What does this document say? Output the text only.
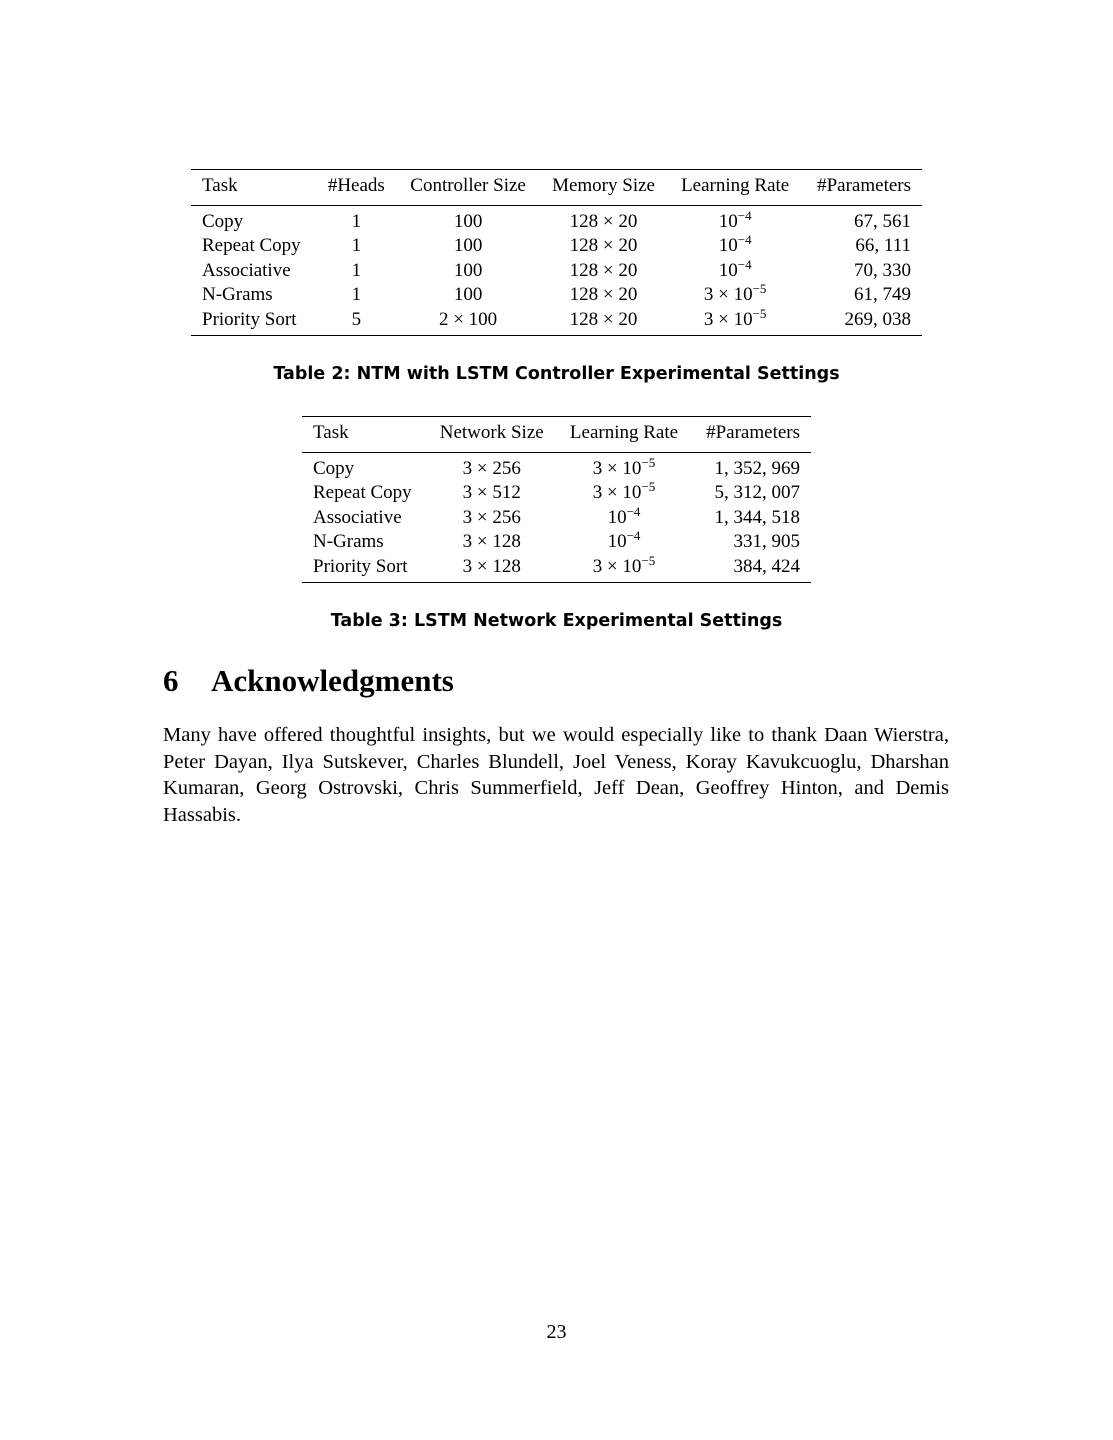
Task	#Heads	Controller Size	Memory Size	Learning Rate	#Parameters
Copy	1	100	128 × 20	$10^{-4}$	67, 561
Repeat Copy	1	100	128 × 20	$10^{-4}$	66, 111
Associative	1	100	128 × 20	$10^{-4}$	70, 330
N-Grams	1	100	128 × 20	$3 \times 10^{-5}$	61, 749
Priority Sort	5	2 × 100	128 × 20	$3 \times 10^{-5}$	269, 038
Table 2: NTM with LSTM Controller Experimental Settings
Task	Network Size	Learning Rate	#Parameters
Copy	3 × 256	$3 \times 10^{-5}$	1, 352, 969
Repeat Copy	3 × 512	$3 \times 10^{-5}$	5, 312, 007
Associative	3 × 256	$10^{-4}$	1, 344, 518
N-Grams	3 × 128	$10^{-4}$	331, 905
Priority Sort	3 × 128	$3 \times 10^{-5}$	384, 424
Table 3: LSTM Network Experimental Settings
6 Acknowledgments

Many have offered thoughtful insights, but we would especially like to thank Daan Wierstra, Peter Dayan, Ilya Sutskever, Charles Blundell, Joel Veness, Koray Kavukcuoglu, Dharshan Kumaran, Georg Ostrovski, Chris Summerfield, Jeff Dean, Geoffrey Hinton, and Demis Hassabis.

23
